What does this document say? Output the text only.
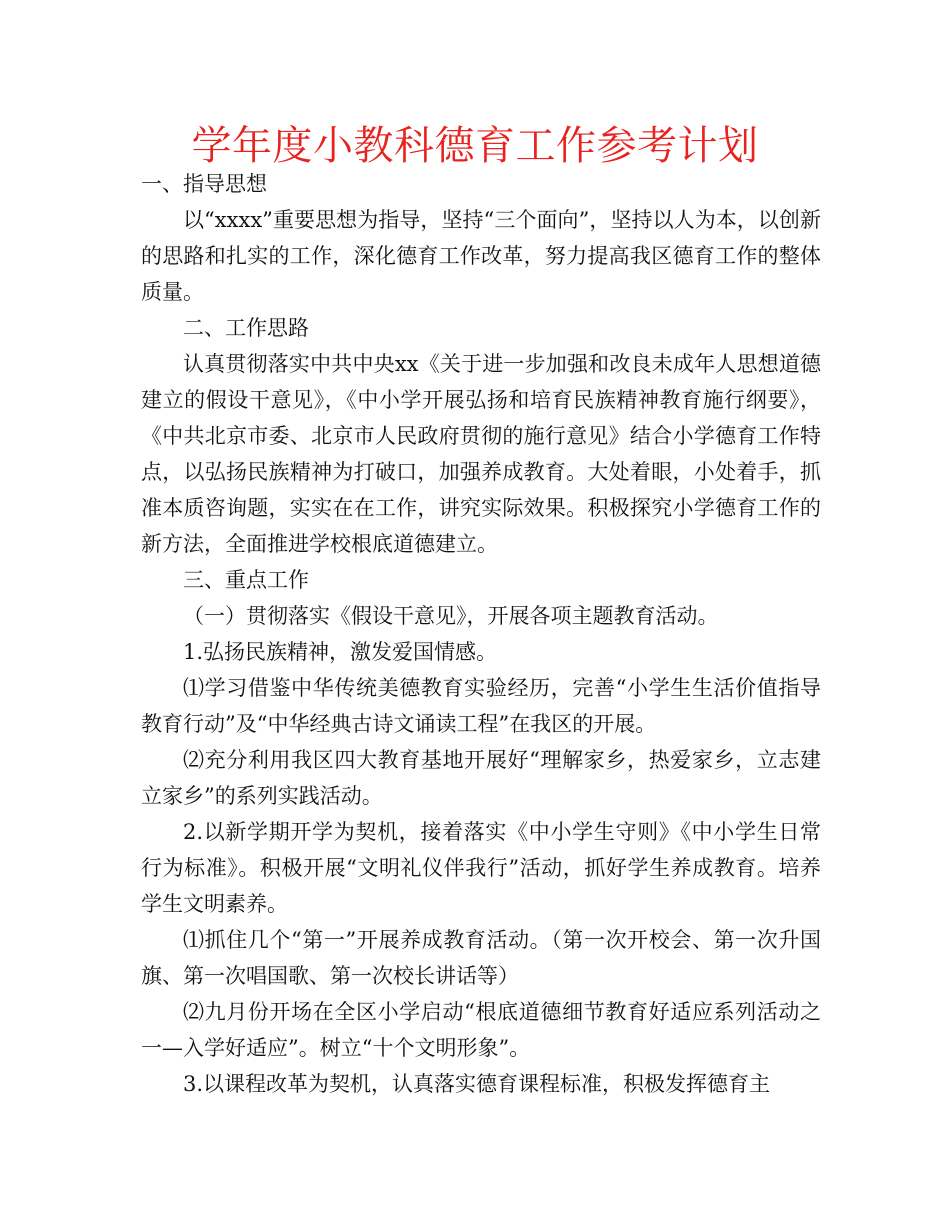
学年度小教科德育工作参考计划

一、指导思想

以“xxxx”重要思想为指导，坚持“三个面向”，坚持以人为本，以创新的思路和扎实的工作，深化德育工作改革，努力提高我区德育工作的整体质量。

二、工作思路

认真贯彻落实中共中央xx《关于进一步加强和改良未成年人思想道德建立的假设干意见》，《中小学开展弘扬和培育民族精神教育施行纲要》，《中共北京市委、北京市人民政府贯彻的施行意见》结合小学德育工作特点，以弘扬民族精神为打破口，加强养成教育。大处着眼，小处着手，抓准本质咨询题，实实在在工作，讲究实际效果。积极探究小学德育工作的新方法，全面推进学校根底道德建立。

三、重点工作

（一）贯彻落实《假设干意见》，开展各项主题教育活动。

1.弘扬民族精神，激发爱国情感。

⑴学习借鉴中华传统美德教育实验经历，完善“小学生生活价值指导教育行动”及“中华经典古诗文诵读工程”在我区的开展。

⑵充分利用我区四大教育基地开展好“理解家乡，热爱家乡，立志建立家乡”的系列实践活动。

2.以新学期开学为契机，接着落实《中小学生守则》《中小学生日常行为标准》。积极开展“文明礼仪伴我行”活动，抓好学生养成教育。培养学生文明素养。

⑴抓住几个“第一”开展养成教育活动。（第一次开校会、第一次升国旗、第一次唱国歌、第一次校长讲话等）

⑵九月份开场在全区小学启动“根底道德细节教育好适应系列活动之一—入学好适应”。树立“十个文明形象”。

3.以课程改革为契机，认真落实德育课程标准，积极发挥德育主
